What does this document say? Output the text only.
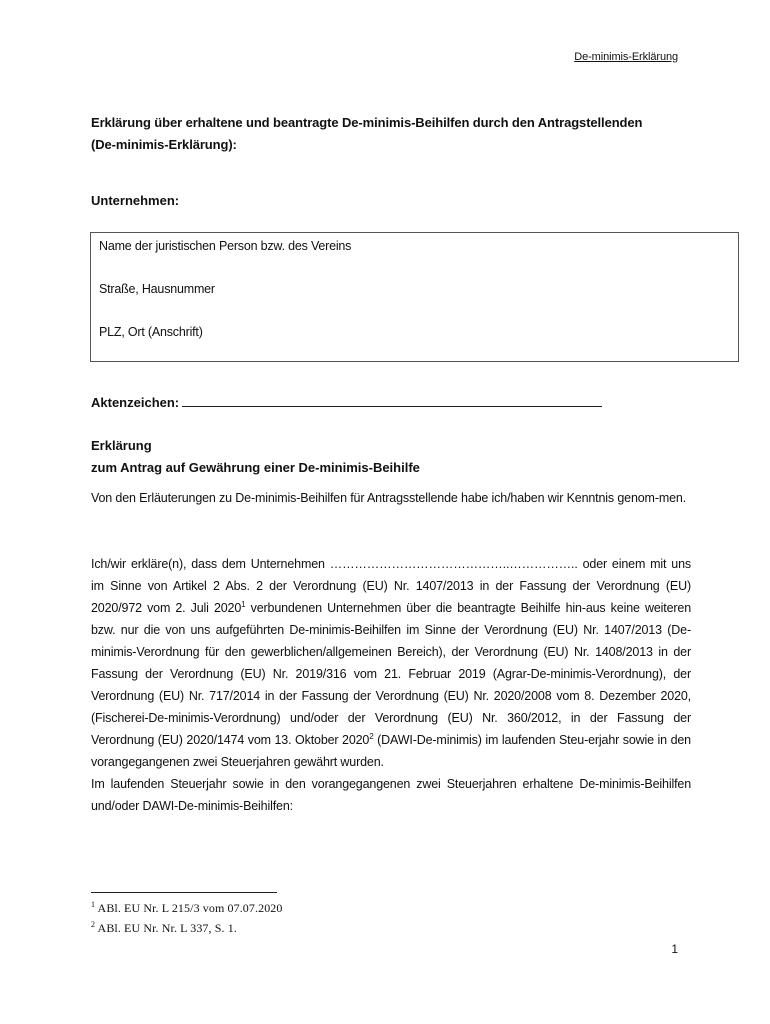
De-minimis-Erklärung
Erklärung über erhaltene und beantragte De-minimis-Beihilfen durch den Antragstellenden
(De-minimis-Erklärung):
Unternehmen:
Name der juristischen Person bzw. des Vereins
Straße, Hausnummer
PLZ, Ort (Anschrift)
Aktenzeichen:
Erklärung
zum Antrag auf Gewährung einer De-minimis-Beihilfe
Von den Erläuterungen zu De-minimis-Beihilfen für Antragsstellende habe ich/haben wir Kenntnis genom-men.
Ich/wir erkläre(n), dass dem Unternehmen ……………………………………..…………….. oder einem mit uns im Sinne von Artikel 2 Abs. 2 der Verordnung (EU) Nr. 1407/2013 in der Fassung der Verordnung (EU) 2020/972 vom 2. Juli 2020$^1$ verbundenen Unternehmen über die beantragte Beihilfe hin-aus keine weiteren bzw. nur die von uns aufgeführten De-minimis-Beihilfen im Sinne der Verordnung (EU) Nr. 1407/2013 (De-minimis-Verordnung für den gewerblichen/allgemeinen Bereich), der Verordnung (EU) Nr. 1408/2013 in der Fassung der Verordnung (EU) Nr. 2019/316 vom 21. Februar 2019 (Agrar-De-minimis-Verordnung), der Verordnung (EU) Nr. 717/2014 in der Fassung der Verordnung (EU) Nr. 2020/2008 vom 8. Dezember 2020, (Fischerei-De-minimis-Verordnung) und/oder der Verordnung (EU) Nr. 360/2012, in der Fassung der Verordnung (EU) 2020/1474 vom 13. Oktober 2020$^2$ (DAWI-De-minimis) im laufenden Steu-erjahr sowie in den vorangegangenen zwei Steuerjahren gewährt wurden.
Im laufenden Steuerjahr sowie in den vorangegangenen zwei Steuerjahren erhaltene De-minimis-Beihilfen und/oder DAWI-De-minimis-Beihilfen:
$^1$ ABl. EU Nr. L 215/3 vom 07.07.2020
$^2$ ABl. EU Nr. Nr. L 337, S. 1.
1
